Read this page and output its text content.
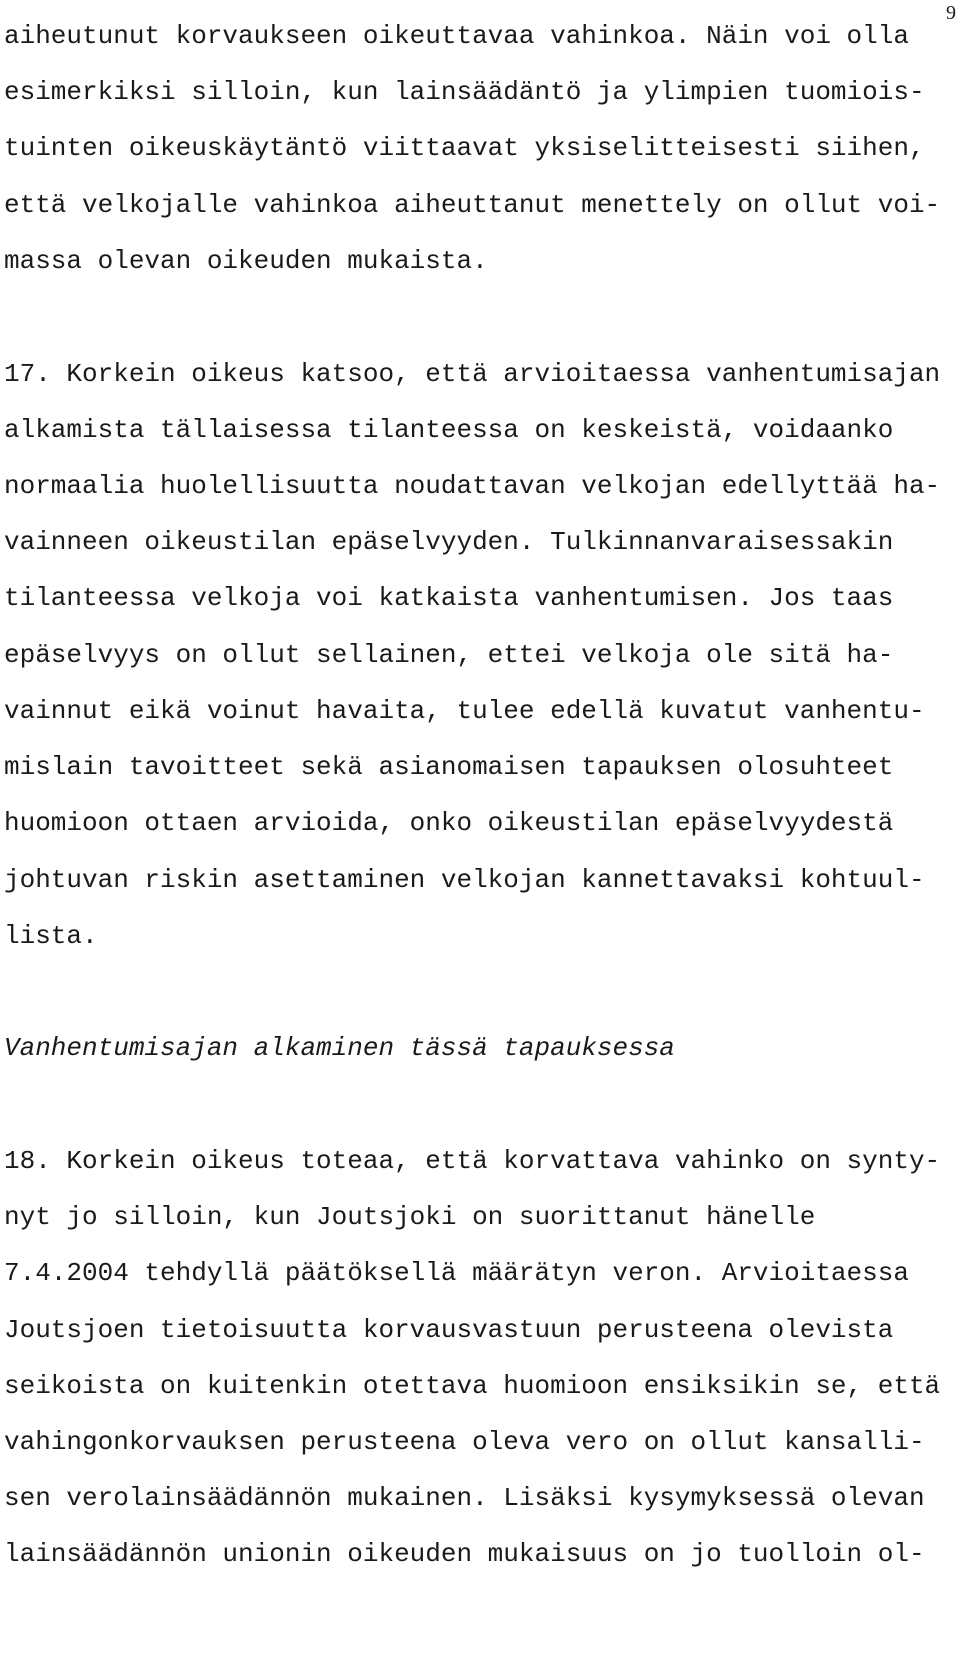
9

aiheutunut korvaukseen oikeuttavaa vahinkoa. Näin voi olla

esimerkiksi silloin, kun lainsäädäntö ja ylimpien tuomiois-

tuinten oikeuskäytäntö viittaavat yksiselitteisesti siihen,

että velkojalle vahinkoa aiheuttanut menettely on ollut voi-

massa olevan oikeuden mukaista.

17. Korkein oikeus katsoo, että arvioitaessa vanhentumisajan

alkamista tällaisessa tilanteessa on keskeistä, voidaanko

normaalia huolellisuutta noudattavan velkojan edellyttää ha-

vainneen oikeustilan epäselvyyden. Tulkinnanvaraisessakin

tilanteessa velkoja voi katkaista vanhentumisen. Jos taas

epäselvyys on ollut sellainen, ettei velkoja ole sitä ha-

vainnut eikä voinut havaita, tulee edellä kuvatut vanhentu-

mislain tavoitteet sekä asianomaisen tapauksen olosuhteet

huomioon ottaen arvioida, onko oikeustilan epäselvyydestä

johtuvan riskin asettaminen velkojan kannettavaksi kohtuul-

lista.

Vanhentumisajan alkaminen tässä tapauksessa

18. Korkein oikeus toteaa, että korvattava vahinko on synty-

nyt jo silloin, kun Joutsjoki on suorittanut hänelle

7.4.2004 tehdyllä päätöksellä määrätyn veron. Arvioitaessa

Joutsjoen tietoisuutta korvausvastuun perusteena olevista

seikoista on kuitenkin otettava huomioon ensiksikin se, että

vahingonkorvauksen perusteena oleva vero on ollut kansalli-

sen verolainsäädännön mukainen. Lisäksi kysymyksessä olevan

lainsäädännön unionin oikeuden mukaisuus on jo tuolloin ol-
